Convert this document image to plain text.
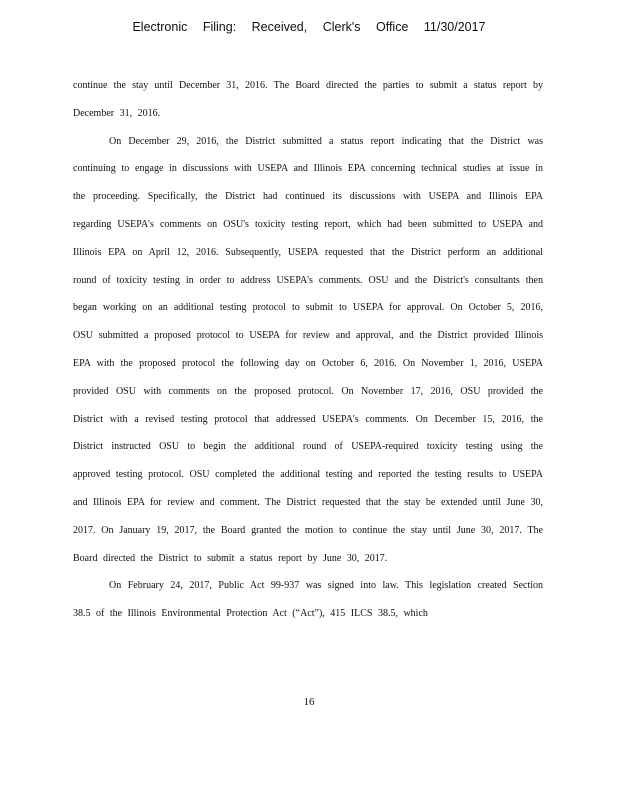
Electronic Filing: Received, Clerk's Office 11/30/2017

continue the stay until December 31, 2016. The Board directed the parties to submit a status report by December 31, 2016.

On December 29, 2016, the District submitted a status report indicating that the District was continuing to engage in discussions with USEPA and Illinois EPA concerning technical studies at issue in the proceeding. Specifically, the District had continued its discussions with USEPA and Illinois EPA regarding USEPA's comments on OSU's toxicity testing report, which had been submitted to USEPA and Illinois EPA on April 12, 2016. Subsequently, USEPA requested that the District perform an additional round of toxicity testing in order to address USEPA's comments. OSU and the District's consultants then began working on an additional testing protocol to submit to USEPA for approval. On October 5, 2016, OSU submitted a proposed protocol to USEPA for review and approval, and the District provided Illinois EPA with the proposed protocol the following day on October 6, 2016. On November 1, 2016, USEPA provided OSU with comments on the proposed protocol. On November 17, 2016, OSU provided the District with a revised testing protocol that addressed USEPA's comments. On December 15, 2016, the District instructed OSU to begin the additional round of USEPA-required toxicity testing using the approved testing protocol. OSU completed the additional testing and reported the testing results to USEPA and Illinois EPA for review and comment. The District requested that the stay be extended until June 30, 2017. On January 19, 2017, the Board granted the motion to continue the stay until June 30, 2017. The Board directed the District to submit a status report by June 30, 2017.

On February 24, 2017, Public Act 99-937 was signed into law. This legislation created Section 38.5 of the Illinois Environmental Protection Act (“Act”), 415 ILCS 38.5, which

16
